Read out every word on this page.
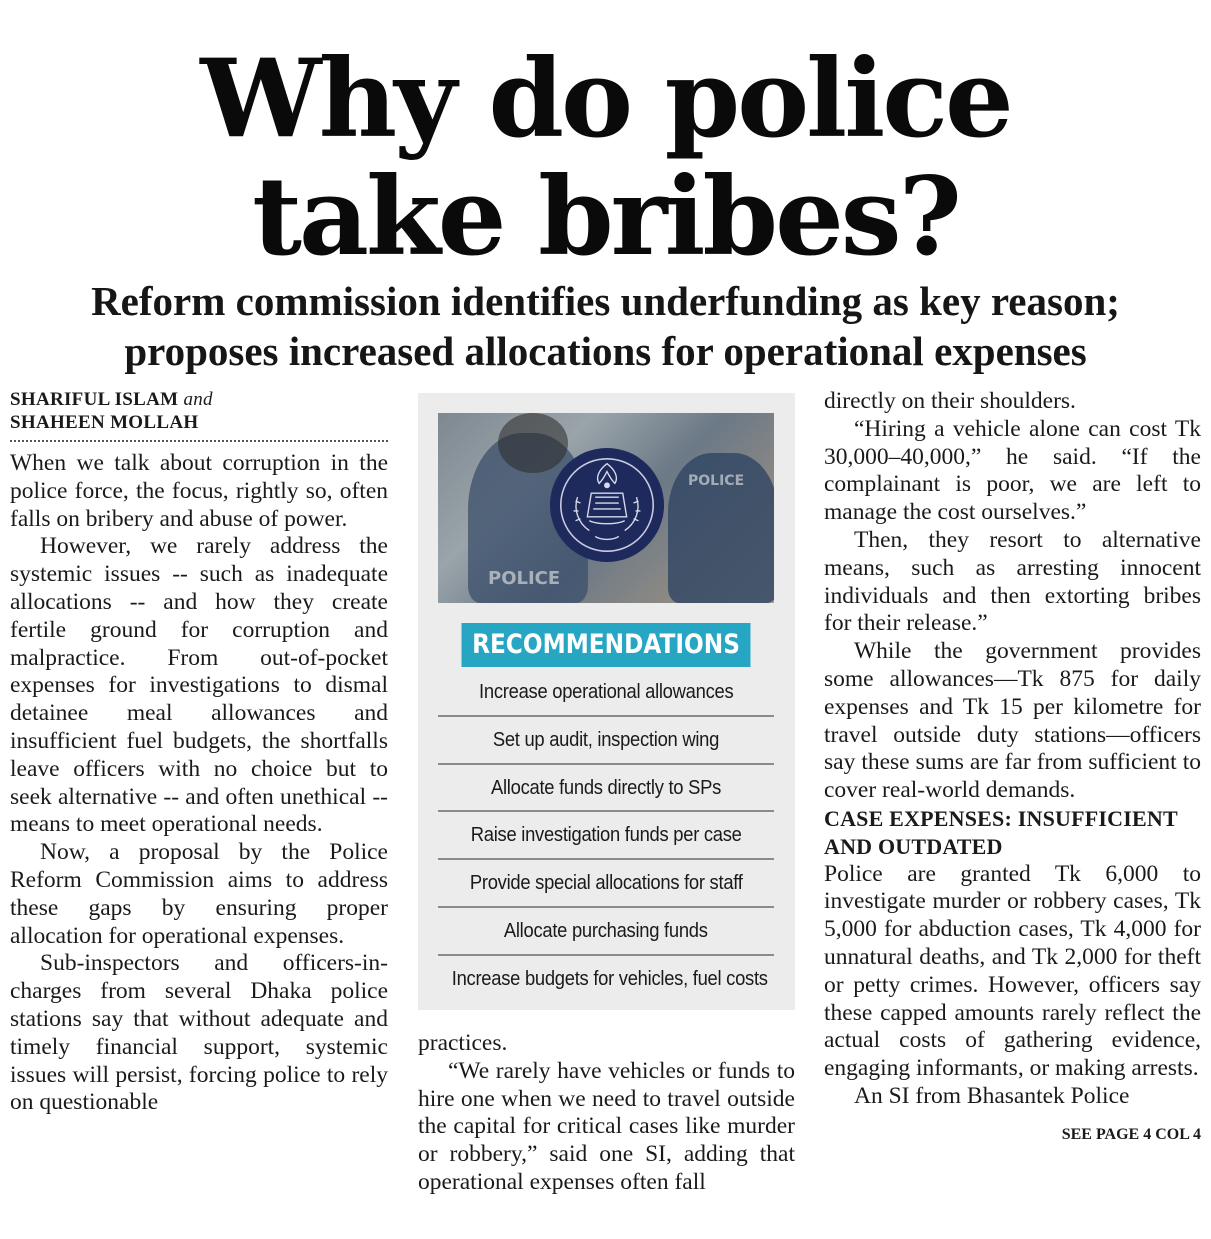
Why do police
take bribes?
Reform commission identifies underfunding as key reason;
proposes increased allocations for operational expenses
SHARIFUL ISLAM and
SHAHEEN MOLLAH

When we talk about corruption in the police force, the focus, rightly so, often falls on bribery and abuse of power.

However, we rarely address the systemic issues -- such as inadequate allocations -- and how they create fertile ground for corruption and malpractice. From out-of-pocket expenses for investigations to dismal detainee meal allowances and insufficient fuel budgets, the shortfalls leave officers with no choice but to seek alternative -- and often unethical -- means to meet operational needs.

Now, a proposal by the Police Reform Commission aims to address these gaps by ensuring proper allocation for operational expenses.

Sub-inspectors and officers-in-charges from several Dhaka police stations say that without adequate and timely financial support, systemic issues will persist, forcing police to rely on questionable

POLICE
POLICE
RECOMMENDATIONS
Increase operational allowances
Set up audit, inspection wing
Allocate funds directly to SPs
Raise investigation funds per case
Provide special allocations for staff
Allocate purchasing funds
Increase budgets for vehicles, fuel costs

practices.

“We rarely have vehicles or funds to hire one when we need to travel outside the capital for critical cases like murder or robbery,” said one SI, adding that operational expenses often fall

directly on their shoulders.

“Hiring a vehicle alone can cost Tk 30,000–40,000,” he said. “If the complainant is poor, we are left to manage the cost ourselves.”

Then, they resort to alternative means, such as arresting innocent individuals and then extorting bribes for their release.”

While the government provides some allowances—Tk 875 for daily expenses and Tk 15 per kilometre for travel outside duty stations—officers say these sums are far from sufficient to cover real-world demands.

CASE EXPENSES: INSUFFICIENT AND OUTDATED

Police are granted Tk 6,000 to investigate murder or robbery cases, Tk 5,000 for abduction cases, Tk 4,000 for unnatural deaths, and Tk 2,000 for theft or petty crimes. However, officers say these capped amounts rarely reflect the actual costs of gathering evidence, engaging informants, or making arrests.

An SI from Bhasantek Police

SEE PAGE 4 COL 4
